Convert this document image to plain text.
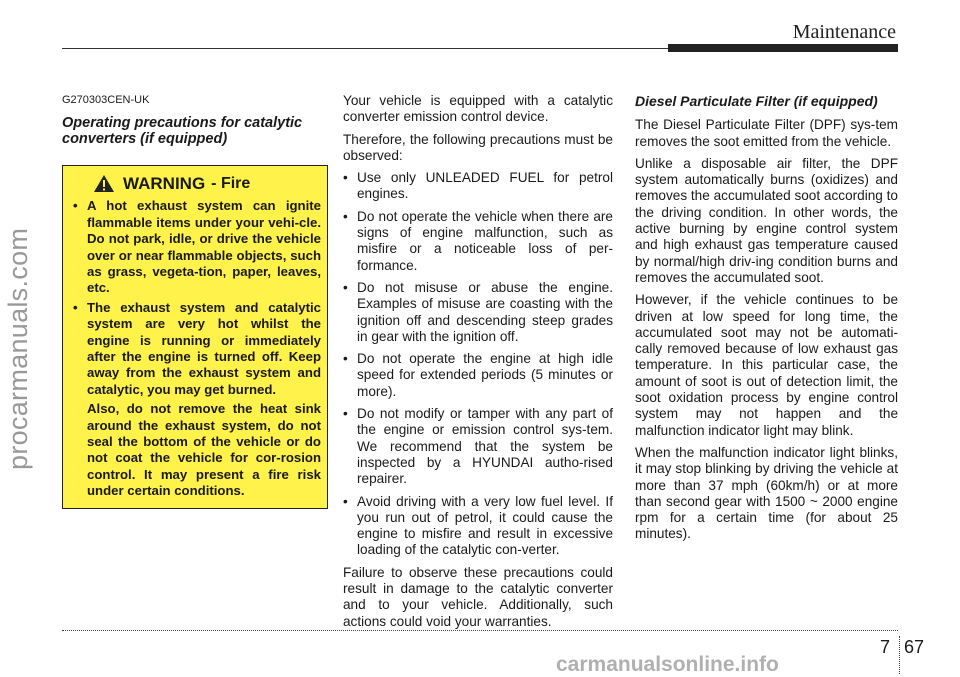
Maintenance
procarmanuals.com
G270303CEN-UK
Operating precautions for catalytic converters (if equipped)
WARNING - Fire
• A hot exhaust system can ignite flammable items under your vehi-cle. Do not park, idle, or drive the vehicle over or near flammable objects, such as grass, vegeta-tion, paper, leaves, etc.

• The exhaust system and catalytic system are very hot whilst the engine is running or immediately after the engine is turned off. Keep away from the exhaust system and catalytic, you may get burned.

Also, do not remove the heat sink around the exhaust system, do not seal the bottom of the vehicle or do not coat the vehicle for cor-rosion control. It may present a fire risk under certain conditions.

Your vehicle is equipped with a catalytic converter emission control device.

Therefore, the following precautions must be observed:

• Use only UNLEADED FUEL for petrol engines.
• Do not operate the vehicle when there are signs of engine malfunction, such as misfire or a noticeable loss of per-formance.
• Do not misuse or abuse the engine. Examples of misuse are coasting with the ignition off and descending steep grades in gear with the ignition off.
• Do not operate the engine at high idle speed for extended periods (5 minutes or more).
• Do not modify or tamper with any part of the engine or emission control sys-tem. We recommend that the system be inspected by a HYUNDAI autho-rised repairer.
• Avoid driving with a very low fuel level. If you run out of petrol, it could cause the engine to misfire and result in excessive loading of the catalytic con-verter.

Failure to observe these precautions could result in damage to the catalytic converter and to your vehicle. Additionally, such actions could void your warranties.

Diesel Particulate Filter (if equipped)

The Diesel Particulate Filter (DPF) sys-tem removes the soot emitted from the vehicle.

Unlike a disposable air filter, the DPF system automatically burns (oxidizes) and removes the accumulated soot according to the driving condition. In other words, the active burning by engine control system and high exhaust gas temperature caused by normal/high driv-ing condition burns and removes the accumulated soot.

However, if the vehicle continues to be driven at low speed for long time, the accumulated soot may not be automati-cally removed because of low exhaust gas temperature. In this particular case, the amount of soot is out of detection limit, the soot oxidation process by engine control system may not happen and the malfunction indicator light may blink.

When the malfunction indicator light blinks, it may stop blinking by driving the vehicle at more than 37 mph (60km/h) or at more than second gear with 1500 ~ 2000 engine rpm for a certain time (for about 25 minutes).

7 67
carmanualsonline.info
